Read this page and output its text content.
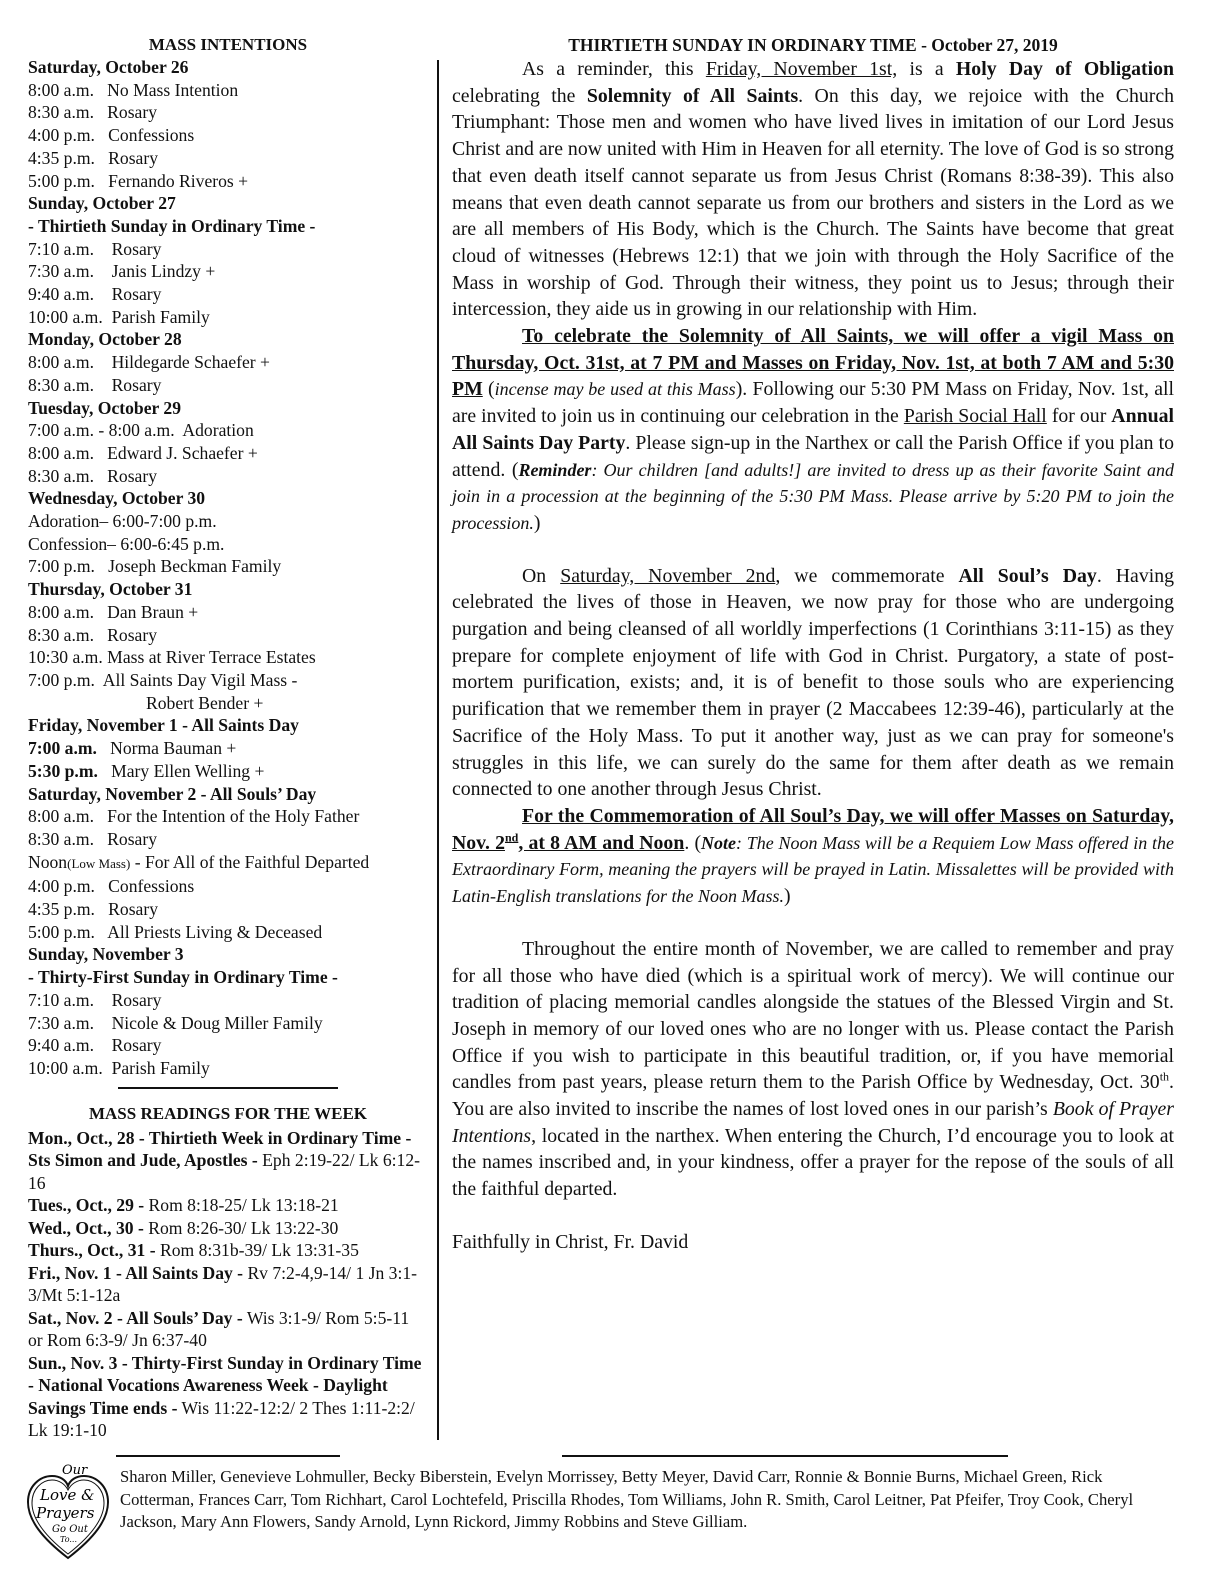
MASS INTENTIONS
Saturday, October 26
8:00 a.m. No Mass Intention
8:30 a.m. Rosary
4:00 p.m. Confessions
4:35 p.m. Rosary
5:00 p.m. Fernando Riveros +
Sunday, October 27
- Thirtieth Sunday in Ordinary Time -
7:10 a.m. Rosary
7:30 a.m. Janis Lindzy +
9:40 a.m. Rosary
10:00 a.m. Parish Family
Monday, October 28
8:00 a.m. Hildegarde Schaefer +
8:30 a.m. Rosary
Tuesday, October 29
7:00 a.m. - 8:00 a.m. Adoration
8:00 a.m. Edward J. Schaefer +
8:30 a.m. Rosary
Wednesday, October 30
Adoration– 6:00-7:00 p.m.
Confession– 6:00-6:45 p.m.
7:00 p.m. Joseph Beckman Family
Thursday, October 31
8:00 a.m. Dan Braun +
8:30 a.m. Rosary
10:30 a.m. Mass at River Terrace Estates
7:00 p.m. All Saints Day Vigil Mass -
Robert Bender +
Friday, November 1 - All Saints Day
7:00 a.m. Norma Bauman +
5:30 p.m. Mary Ellen Welling +
Saturday, November 2 - All Souls’ Day
8:00 a.m. For the Intention of the Holy Father
8:30 a.m. Rosary
Noon(Low Mass) - For All of the Faithful Departed
4:00 p.m. Confessions
4:35 p.m. Rosary
5:00 p.m. All Priests Living & Deceased
Sunday, November 3
- Thirty-First Sunday in Ordinary Time -
7:10 a.m. Rosary
7:30 a.m. Nicole & Doug Miller Family
9:40 a.m. Rosary
10:00 a.m. Parish Family
MASS READINGS FOR THE WEEK

Mon., Oct., 28 - Thirtieth Week in Ordinary Time - Sts Simon and Jude, Apostles - Eph 2:19-22/ Lk 6:12-16

Tues., Oct., 29 - Rom 8:18-25/ Lk 13:18-21

Wed., Oct., 30 - Rom 8:26-30/ Lk 13:22-30

Thurs., Oct., 31 - Rom 8:31b-39/ Lk 13:31-35

Fri., Nov. 1 - All Saints Day - Rv 7:2-4,9-14/ 1 Jn 3:1-3/Mt 5:1-12a

Sat., Nov. 2 - All Souls’ Day - Wis 3:1-9/ Rom 5:5-11 or Rom 6:3-9/ Jn 6:37-40

Sun., Nov. 3 - Thirty-First Sunday in Ordinary Time - National Vocations Awareness Week - Daylight Savings Time ends - Wis 11:22-12:2/ 2 Thes 1:11-2:2/ Lk 19:1-10

THIRTIETH SUNDAY IN ORDINARY TIME - October 27, 2019

As a reminder, this Friday, November 1st, is a Holy Day of Obligation celebrating the Solemnity of All Saints. On this day, we rejoice with the Church Triumphant: Those men and women who have lived lives in imitation of our Lord Jesus Christ and are now united with Him in Heaven for all eternity. The love of God is so strong that even death itself cannot separate us from Jesus Christ (Romans 8:38-39). This also means that even death cannot separate us from our brothers and sisters in the Lord as we are all members of His Body, which is the Church. The Saints have become that great cloud of witnesses (Hebrews 12:1) that we join with through the Holy Sacrifice of the Mass in worship of God. Through their witness, they point us to Jesus; through their intercession, they aide us in growing in our relationship with Him.

To celebrate the Solemnity of All Saints, we will offer a vigil Mass on Thursday, Oct. 31st, at 7 PM and Masses on Friday, Nov. 1st, at both 7 AM and 5:30 PM (incense may be used at this Mass). Following our 5:30 PM Mass on Friday, Nov. 1st, all are invited to join us in continuing our celebration in the Parish Social Hall for our Annual All Saints Day Party. Please sign-up in the Narthex or call the Parish Office if you plan to attend. (Reminder: Our children [and adults!] are invited to dress up as their favorite Saint and join in a procession at the beginning of the 5:30 PM Mass. Please arrive by 5:20 PM to join the procession.)

On Saturday, November 2nd, we commemorate All Soul’s Day. Having celebrated the lives of those in Heaven, we now pray for those who are undergoing purgation and being cleansed of all worldly imperfections (1 Corinthians 3:11-15) as they prepare for complete enjoyment of life with God in Christ. Purgatory, a state of post-mortem purification, exists; and, it is of benefit to those souls who are experiencing purification that we remember them in prayer (2 Maccabees 12:39-46), particularly at the Sacrifice of the Holy Mass. To put it another way, just as we can pray for someone's struggles in this life, we can surely do the same for them after death as we remain connected to one another through Jesus Christ.

For the Commemoration of All Soul’s Day, we will offer Masses on Saturday, Nov. 2nd, at 8 AM and Noon. (Note: The Noon Mass will be a Requiem Low Mass offered in the Extraordinary Form, meaning the prayers will be prayed in Latin. Missalettes will be provided with Latin-English translations for the Noon Mass.)

Throughout the entire month of November, we are called to remember and pray for all those who have died (which is a spiritual work of mercy). We will continue our tradition of placing memorial candles alongside the statues of the Blessed Virgin and St. Joseph in memory of our loved ones who are no longer with us. Please contact the Parish Office if you wish to participate in this beautiful tradition, or, if you have memorial candles from past years, please return them to the Parish Office by Wednesday, Oct. 30th. You are also invited to inscribe the names of lost loved ones in our parish’s Book of Prayer Intentions, located in the narthex. When entering the Church, I’d encourage you to look at the names inscribed and, in your kindness, offer a prayer for the repose of the souls of all the faithful departed.

Faithfully in Christ, Fr. David

Our
Love &
Prayers
Go Out
To...
Sharon Miller, Genevieve Lohmuller, Becky Biberstein, Evelyn Morrissey, Betty Meyer, David Carr, Ronnie & Bonnie Burns, Michael Green, Rick Cotterman, Frances Carr, Tom Richhart, Carol Lochtefeld, Priscilla Rhodes, Tom Williams, John R. Smith, Carol Leitner, Pat Pfeifer, Troy Cook, Cheryl Jackson, Mary Ann Flowers, Sandy Arnold, Lynn Rickord, Jimmy Robbins and Steve Gilliam.
